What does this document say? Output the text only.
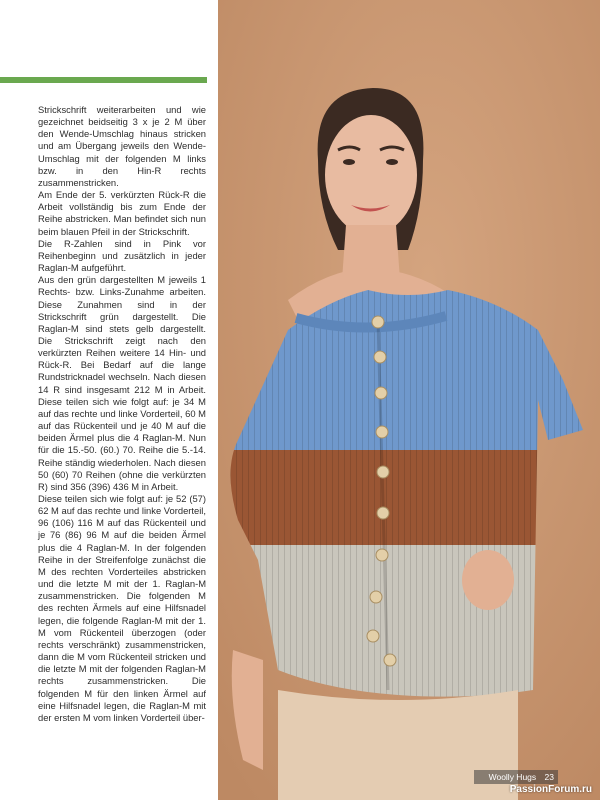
Strickschrift weiterarbeiten und wie gezeichnet beidseitig 3 x je 2 M über den Wende-Umschlag hinaus stricken und am Übergang jeweils den Wende-Umschlag mit der folgenden M links bzw. in den Hin-R rechts zusammenstricken.

Am Ende der 5. verkürzten Rück-R die Arbeit vollständig bis zum Ende der Reihe abstricken. Man befindet sich nun beim blauen Pfeil in der Strickschrift.

Die R-Zahlen sind in Pink vor Reihenbeginn und zusätzlich in jeder Raglan-M aufgeführt.

Aus den grün dargestellten M jeweils 1 Rechts- bzw. Links-Zunahme arbeiten. Diese Zunahmen sind in der Strickschrift grün dargestellt. Die Raglan-M sind stets gelb dargestellt. Die Strickschrift zeigt nach den verkürzten Reihen weitere 14 Hin- und Rück-R. Bei Bedarf auf die lange Rundstricknadel wechseln. Nach diesen 14 R sind insgesamt 212 M in Arbeit. Diese teilen sich wie folgt auf: je 34 M auf das rechte und linke Vorderteil, 60 M auf das Rückenteil und je 40 M auf die beiden Ärmel plus die 4 Raglan-M. Nun für die 15.-50. (60.) 70. Reihe die 5.-14. Reihe ständig wiederholen. Nach diesen 50 (60) 70 Reihen (ohne die verkürzten R) sind 356 (396) 436 M in Arbeit.

Diese teilen sich wie folgt auf: je 52 (57) 62 M auf das rechte und linke Vorderteil, 96 (106) 116 M auf das Rückenteil und je 76 (86) 96 M auf die beiden Ärmel plus die 4 Raglan-M. In der folgenden Reihe in der Streifenfolge zunächst die M des rechten Vorderteiles abstricken und die letzte M mit der 1. Raglan-M zusammenstricken. Die folgenden M des rechten Ärmels auf eine Hilfsnadel legen, die folgende Raglan-M mit der 1. M vom Rückenteil überzogen (oder rechts verschränkt) zusammenstricken, dann die M vom Rückenteil stricken und die letzte M mit der folgenden Raglan-M rechts zusammenstricken. Die folgenden M für den linken Ärmel auf eine Hilfsnadel legen, die Raglan-M mit der ersten M vom linken Vorderteil über-

Woolly Hugs 23
PassionForum.ru
